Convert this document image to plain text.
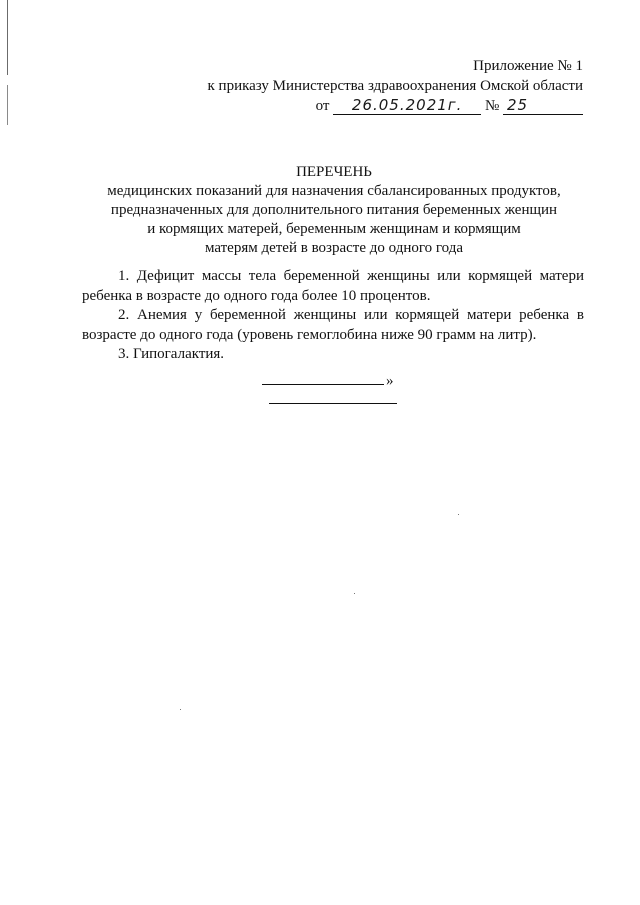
Приложение № 1
к приказу Министерства здравоохранения Омской области
от 26.05.2021г. № 25
ПЕРЕЧЕНЬ
медицинских показаний для назначения сбалансированных продуктов,
предназначенных для дополнительного питания беременных женщин
и кормящих матерей, беременным женщинам и кормящим
матерям детей в возрасте до одного года

1. Дефицит массы тела беременной женщины или кормящей матери ребенка в возрасте до одного года более 10 процентов.

2. Анемия у беременной женщины или кормящей матери ребенка в возрасте до одного года (уровень гемоглобина ниже 90 грамм на литр).

3. Гипогалактия.

»
